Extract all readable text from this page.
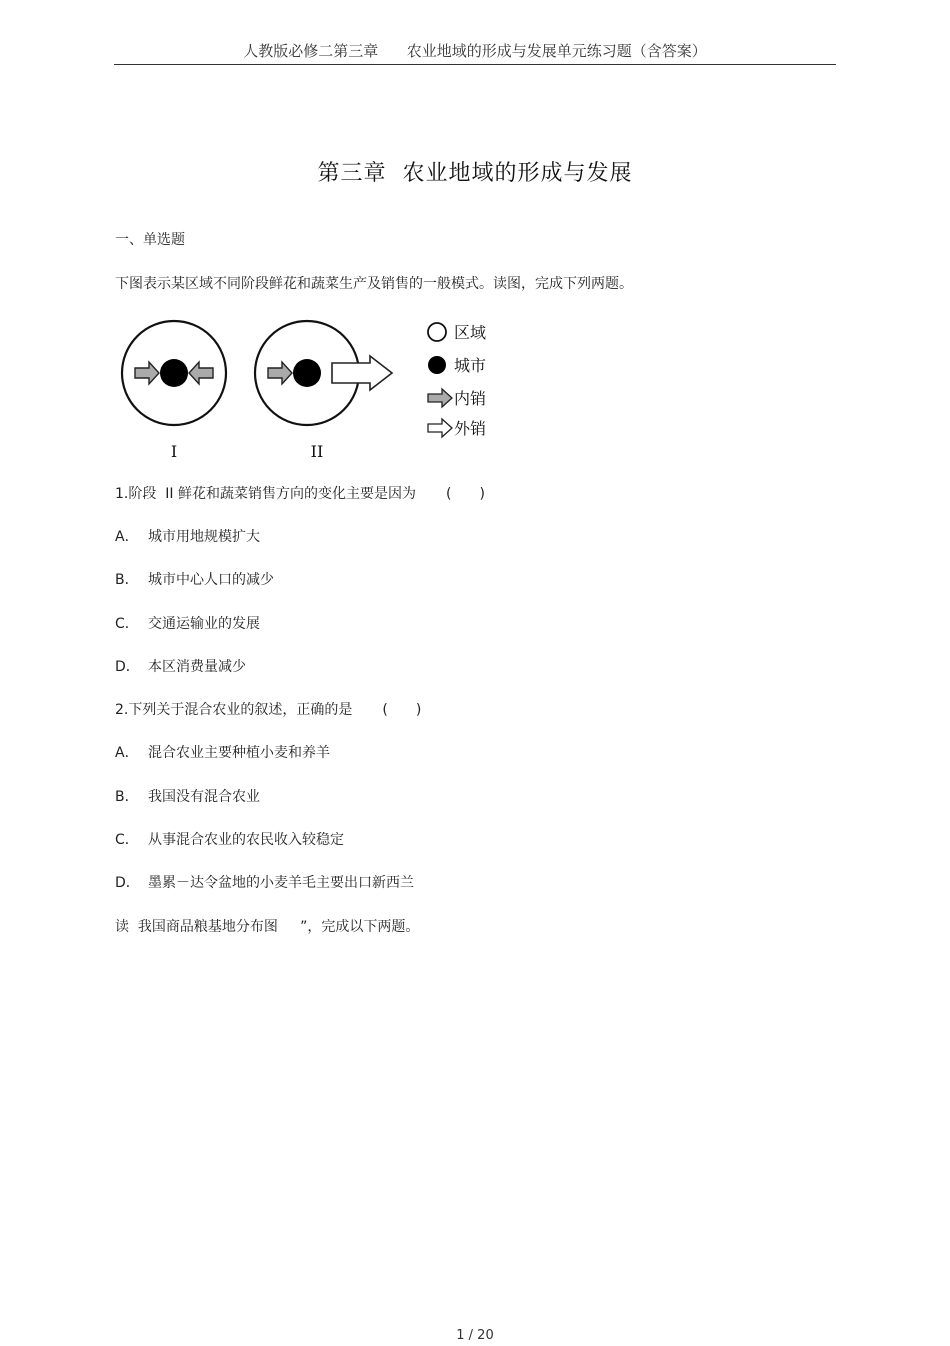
人教版必修二第三章      农业地域的形成与发展单元练习题（含答案）
第三章  农业地域的形成与发展
一、单选题
下图表示某区域不同阶段鲜花和蔬菜生产及销售的一般模式。读图，完成下列两题。
I	II
区域
城市
内销
外销
1.阶段  II 鲜花和蔬菜销售方向的变化主要是因为 ( )
A． 城市用地规模扩大
B． 城市中心人口的减少
C． 交通运输业的发展
D． 本区消费量减少
2.下列关于混合农业的叙述，正确的是 ( )
A． 混合农业主要种植小麦和养羊
B． 我国没有混合农业
C． 从事混合农业的农民收入较稳定
D． 墨累－达令盆地的小麦羊毛主要出口新西兰
读  我国商品粮基地分布图     ”，完成以下两题。
1 / 20
